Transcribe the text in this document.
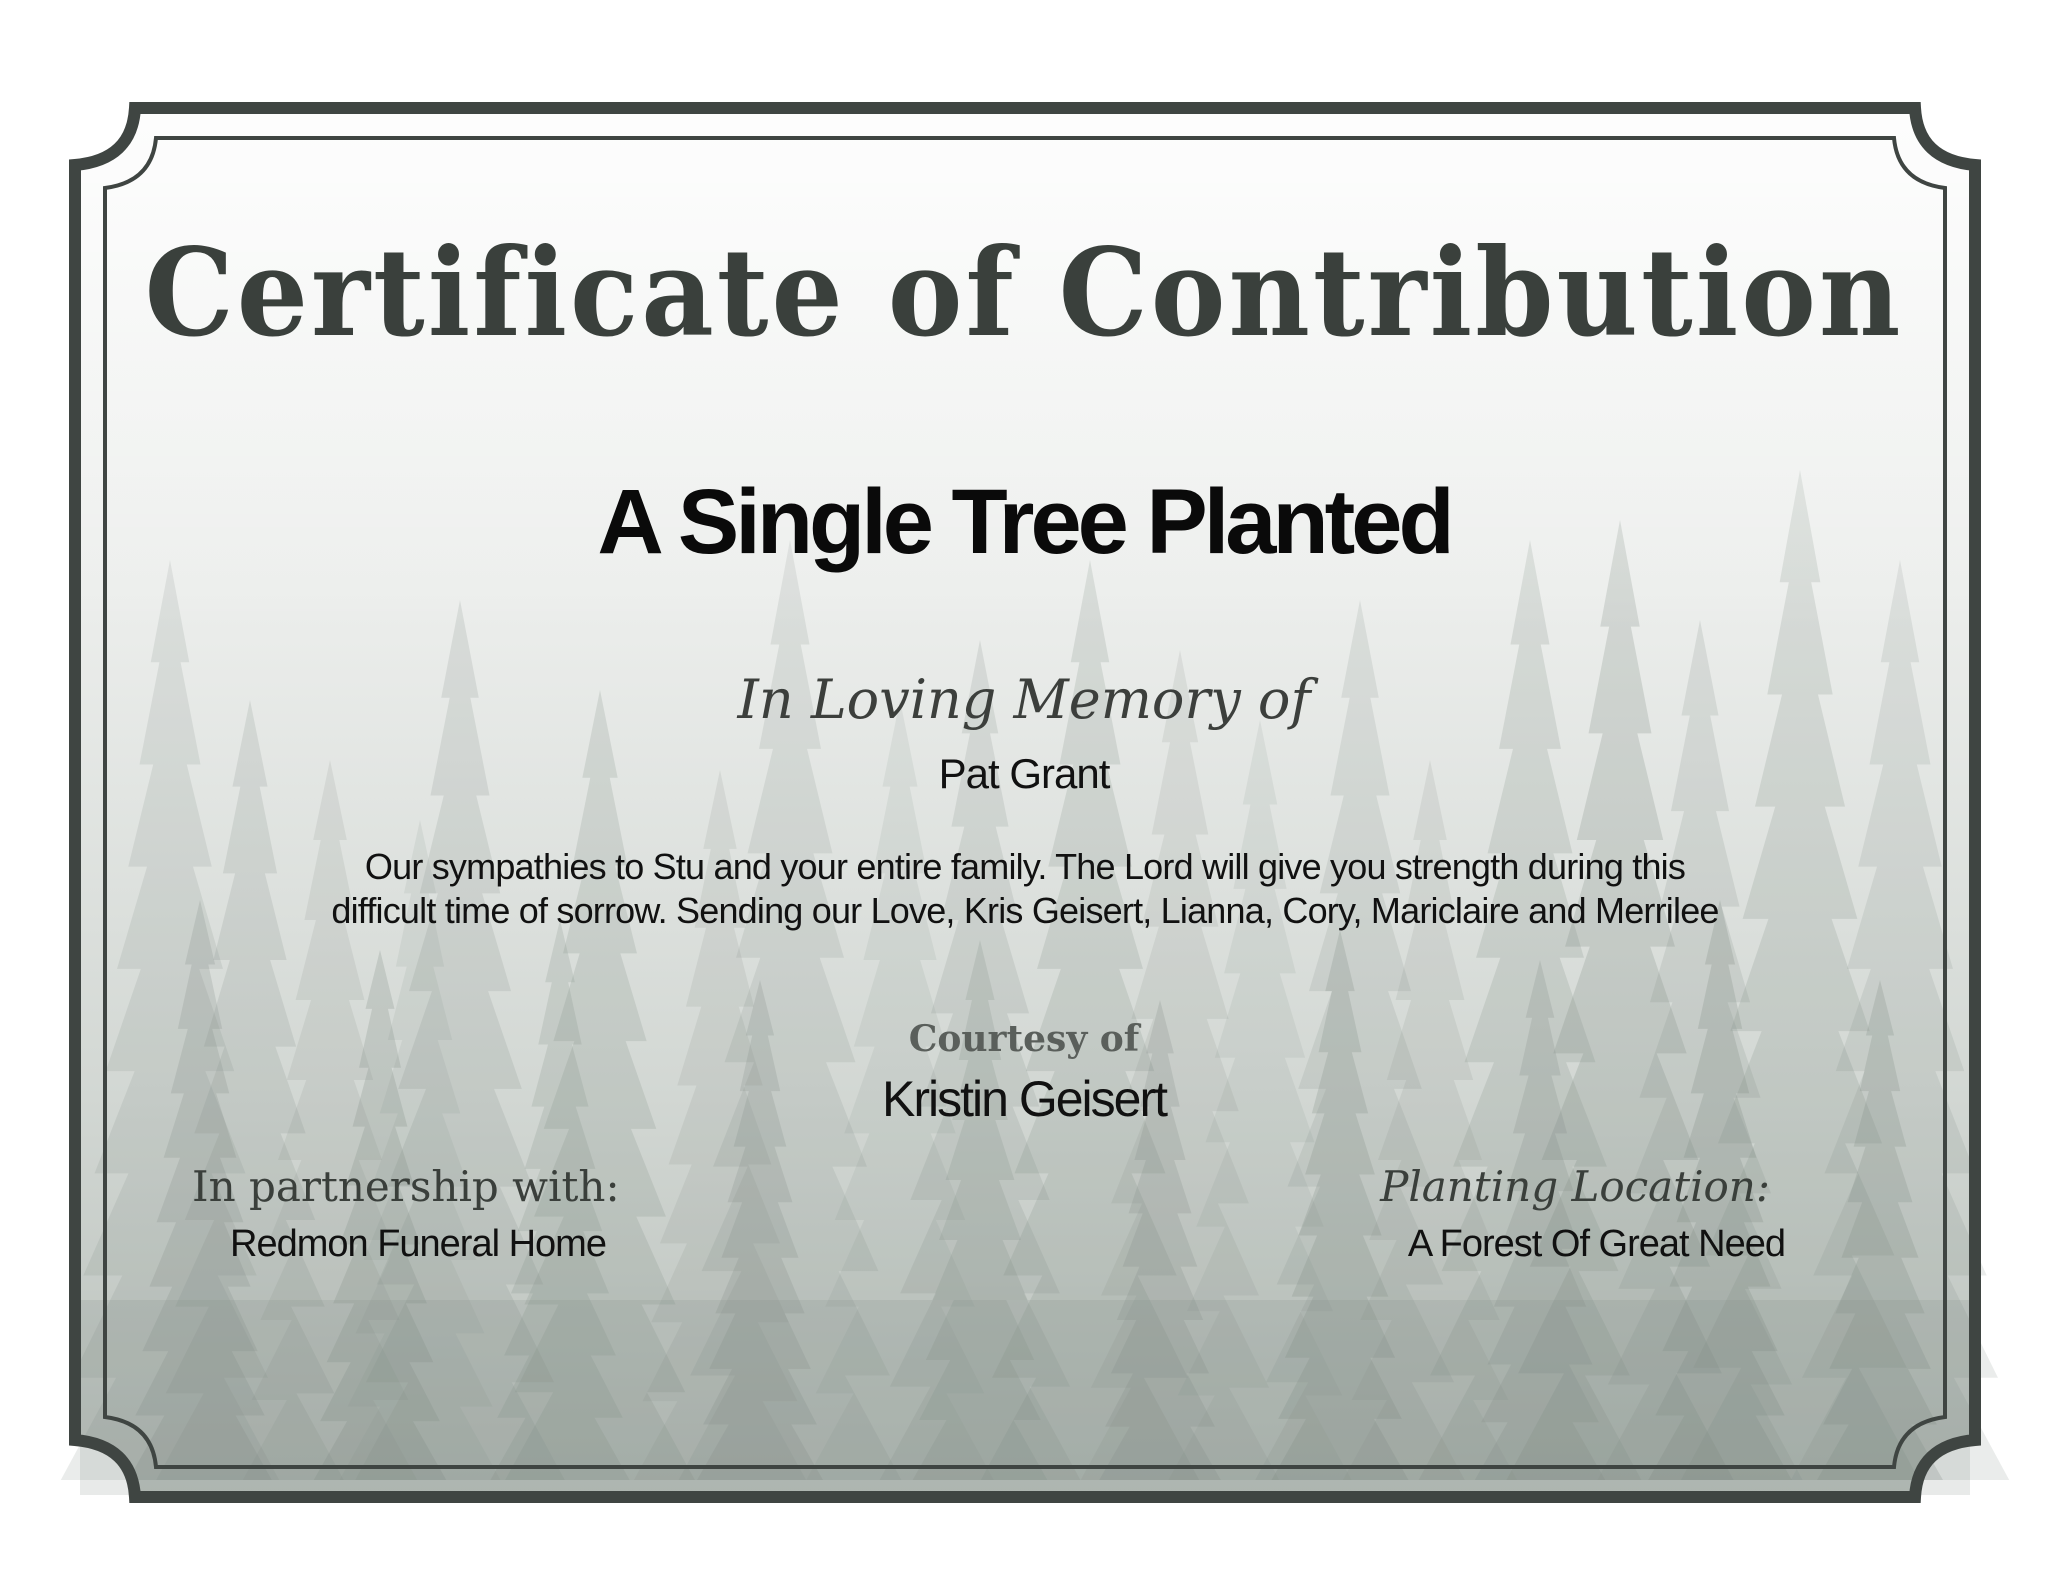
Certificate of Contribution
A Single Tree Planted

In Loving Memory of

Pat Grant

Our sympathies to Stu and your entire family. The Lord will give you strength during this difficult time of sorrow. Sending our Love, Kris Geisert, Lianna, Cory, Mariclaire and Merrilee

Courtesy of

Kristin Geisert

In partnership with:

Redmon Funeral Home

Planting Location:

A Forest Of Great Need
